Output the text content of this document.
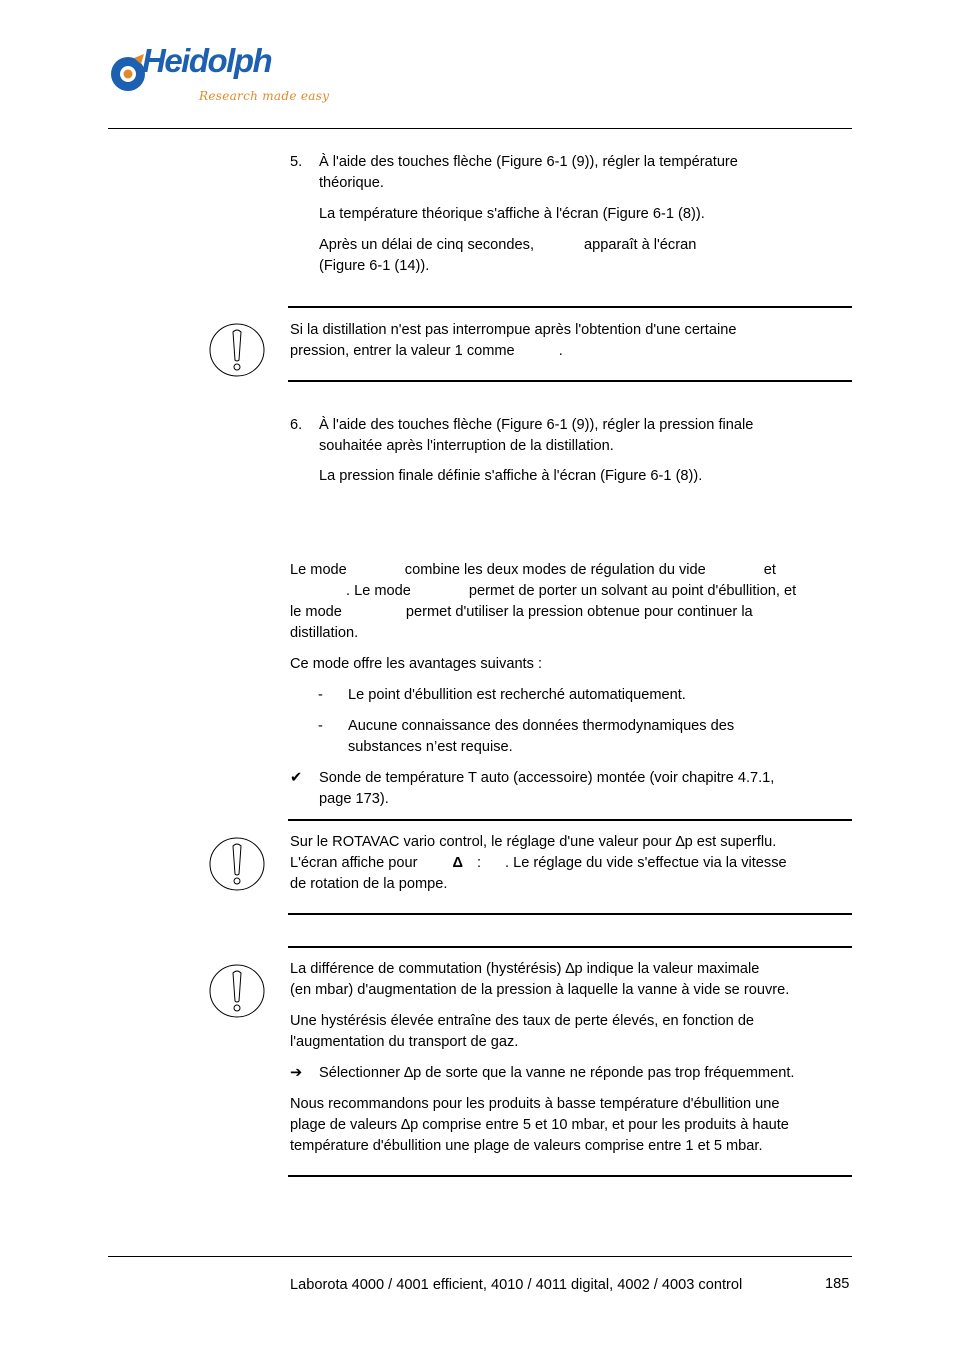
Heidolph
Research made easy
5. À l'aide des touches flèche (Figure 6-1 (9)), régler la température
théorique.
La température théorique s'affiche à l'écran (Figure 6-1 (8)).
Après un délai de cinq secondes,	apparaît à l'écran
(Figure 6-1 (14)).
Si la distillation n'est pas interrompue après l'obtention d'une certaine
pression, entrer la valeur 1 comme	.
6. À l'aide des touches flèche (Figure 6-1 (9)), régler la pression finale
souhaitée après l'interruption de la distillation.
La pression finale définie s'affiche à l'écran (Figure 6-1 (8)).
Le mode	combine les deux modes de régulation du vide	et
. Le mode	permet de porter un solvant au point d'ébullition, et
le mode	permet d'utiliser la pression obtenue pour continuer la
distillation.
Ce mode offre les avantages suivants :
- Le point d'ébullition est recherché automatiquement.
- Aucune connaissance des données thermodynamiques des
substances n’est requise.
✔ Sonde de température T auto (accessoire) montée (voir chapitre 4.7.1,
page 173).
Sur le ROTAVAC vario control, le réglage d'une valeur pour ∆p est superflu.
L'écran affiche pour Δ : . Le réglage du vide s'effectue via la vitesse
de rotation de la pompe.
La différence de commutation (hystérésis) ∆p indique la valeur maximale
(en mbar) d'augmentation de la pression à laquelle la vanne à vide se rouvre.
Une hystérésis élevée entraîne des taux de perte élevés, en fonction de
l'augmentation du transport de gaz.
➔ Sélectionner ∆p de sorte que la vanne ne réponde pas trop fréquemment.
Nous recommandons pour les produits à basse température d'ébullition une
plage de valeurs ∆p comprise entre 5 et 10 mbar, et pour les produits à haute
température d'ébullition une plage de valeurs comprise entre 1 et 5 mbar.
Laborota 4000 / 4001 efficient, 4010 / 4011 digital, 4002 / 4003 control	185
